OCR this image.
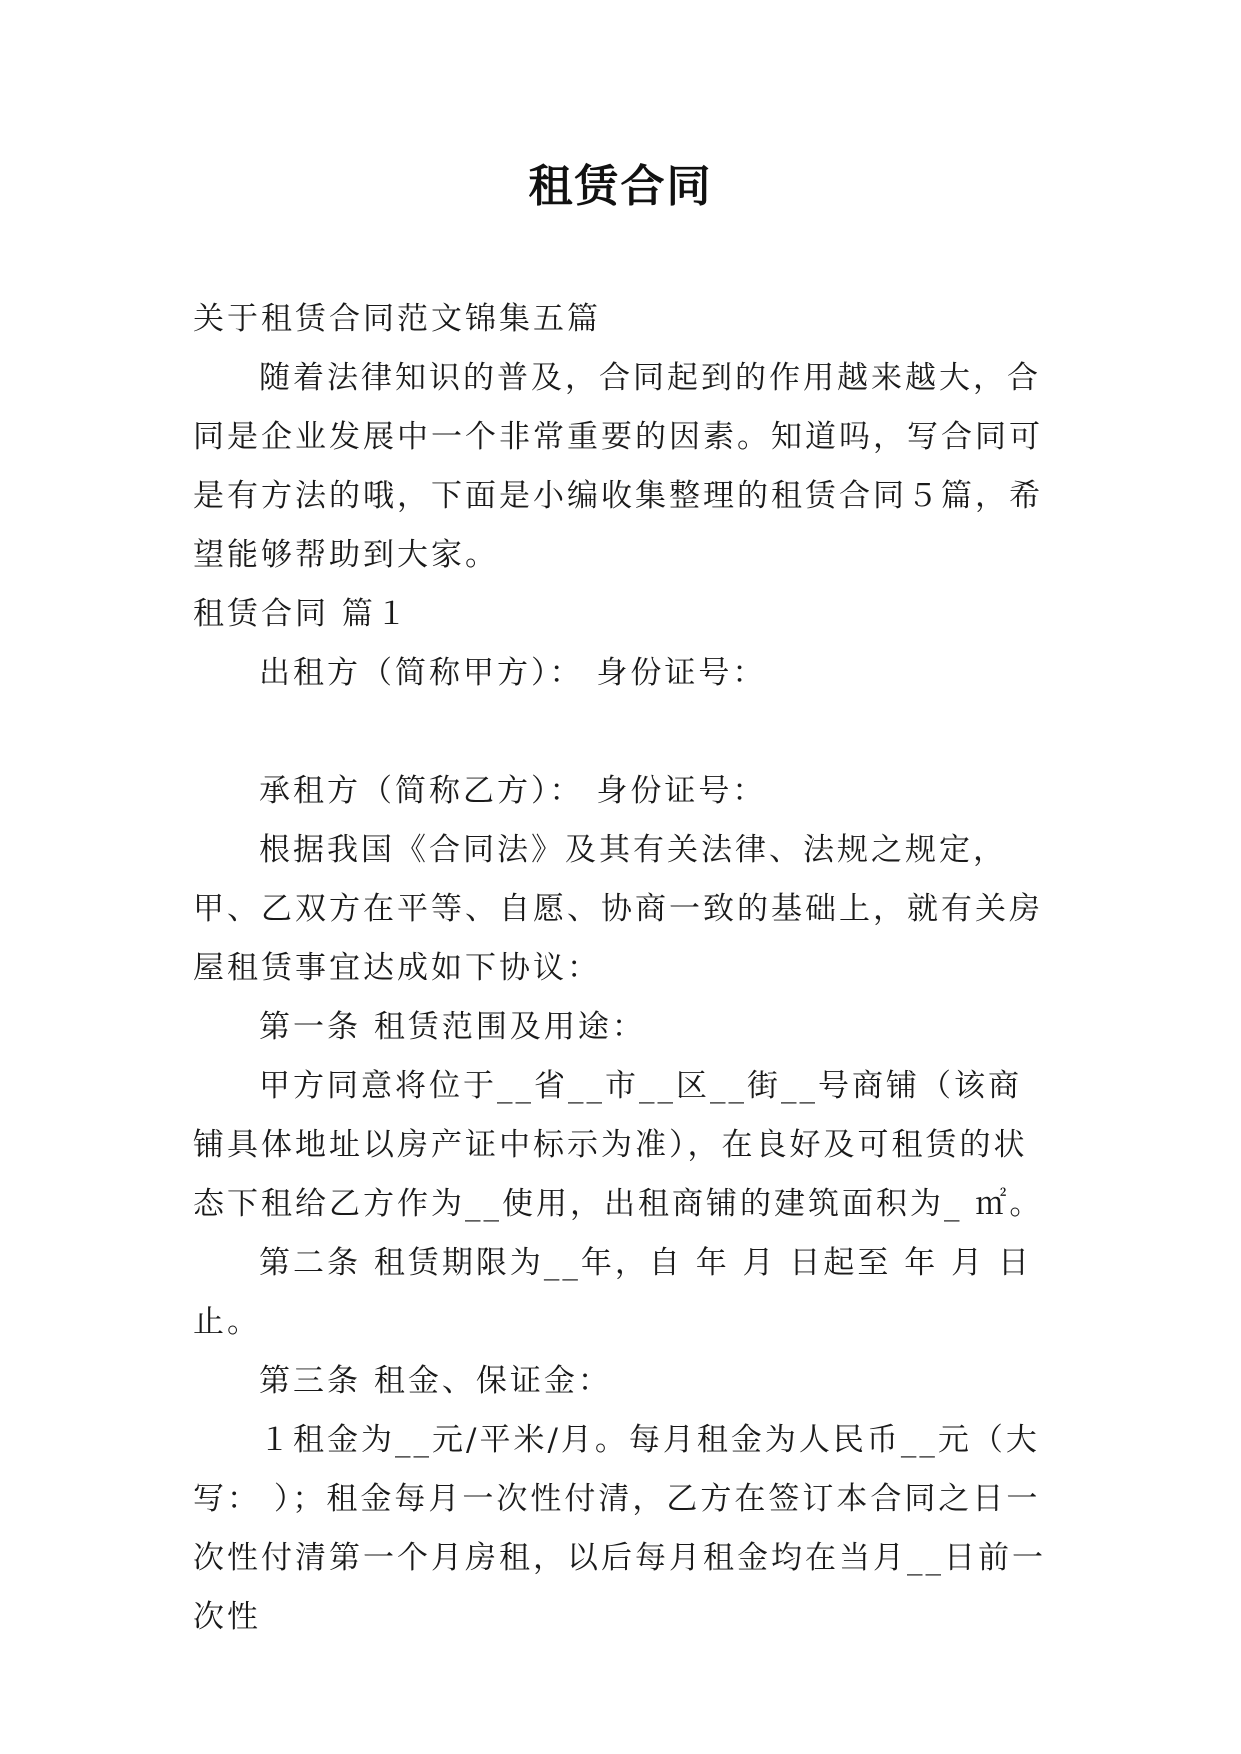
租赁合同

关于租赁合同范文锦集五篇

随着法律知识的普及，合同起到的作用越来越大，合同是企业发展中一个非常重要的因素。知道吗，写合同可是有方法的哦，下面是小编收集整理的租赁合同５篇，希望能够帮助到大家。

租赁合同 篇１

出租方（简称甲方）： 身份证号：

承租方（简称乙方）： 身份证号：

根据我国《合同法》及其有关法律、法规之规定，甲、乙双方在平等、自愿、协商一致的基础上，就有关房屋租赁事宜达成如下协议：

第一条 租赁范围及用途：

甲方同意将位于__省__市__区__街__号商铺（该商铺具体地址以房产证中标示为准），在良好及可租赁的状态下租给乙方作为__使用，出租商铺的建筑面积为_ ㎡。

第二条 租赁期限为__年，自 年 月 日起至 年 月 日止。

第三条 租金、保证金：

１租金为__元/平米/月。每月租金为人民币__元（大写： ）；租金每月一次性付清，乙方在签订本合同之日一次性付清第一个月房租，以后每月租金均在当月__日前一次性
